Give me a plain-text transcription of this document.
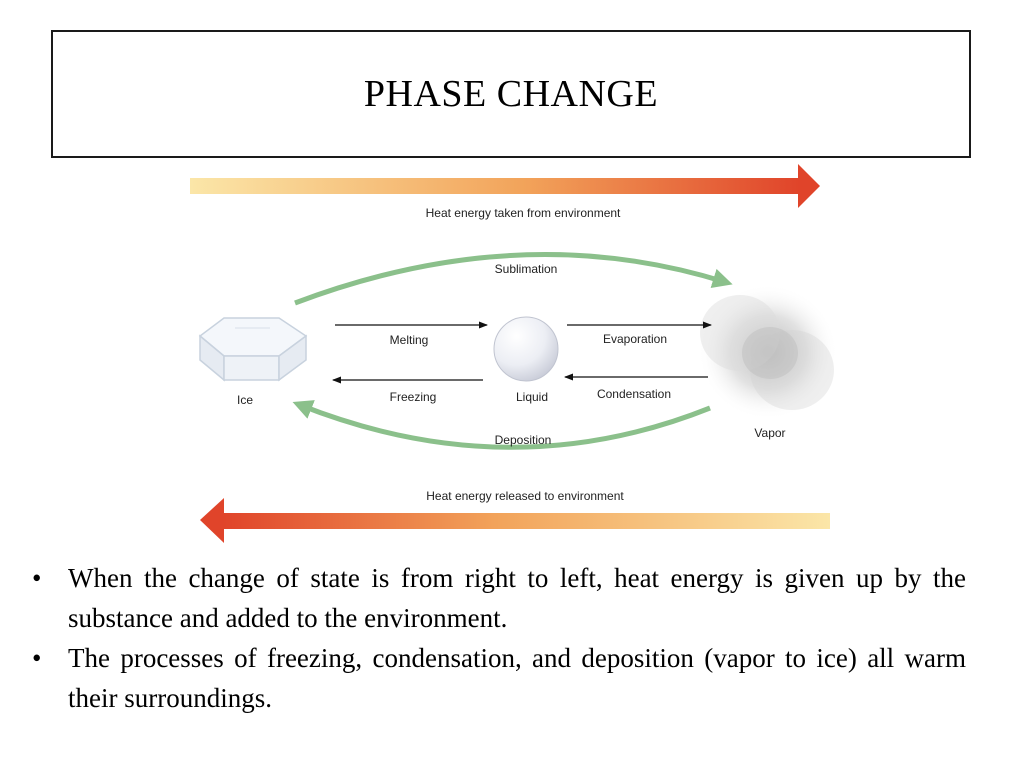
PHASE CHANGE
Heat energy taken from environment
Sublimation
Ice	Liquid
Vapor
Melting
Freezing
Evaporation
Condensation
Deposition
Heat energy released to environment
• When the change of state is from right to left, heat energy is given up by the substance and added to the environment.
• The processes of freezing, condensation, and deposition (vapor to ice) all warm their surroundings.
